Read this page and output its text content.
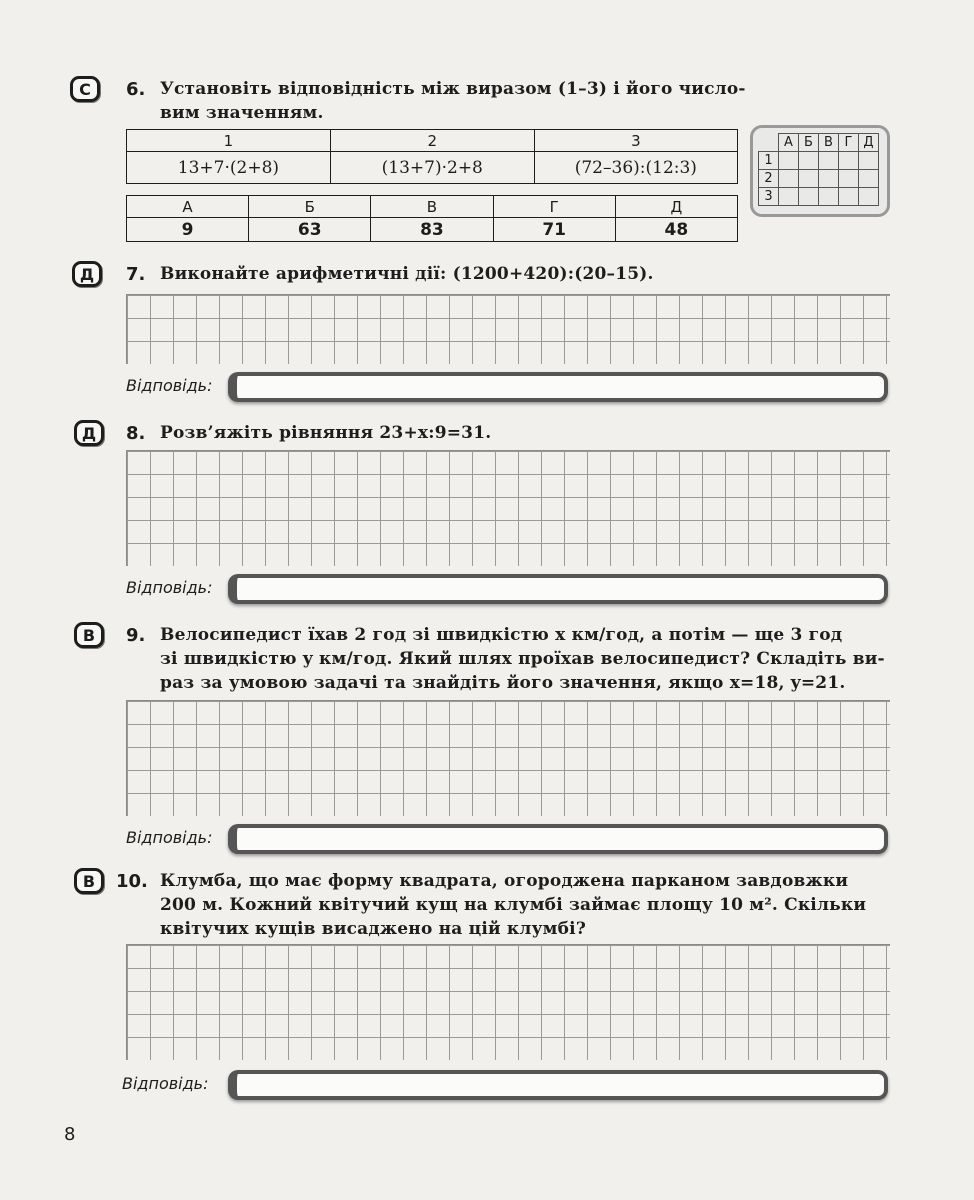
С	6. Установіть відповідність між виразом (1–3) і його число-
вим значенням.
1	2	3
13+7·(2+8)	(13+7)·2+8	(72–36):(12:3)
А	Б	В	Г	Д
9	63	83	71	48
	А	Б	В	Г	Д
1					
2					
3					
Д	7. Виконайте арифметичні дії: (1200+420):(20–15).
Відповідь:
Д	8. Розв’яжіть рівняння 23+x:9=31.
Відповідь:
В	9. Велосипедист їхав 2 год зі швидкістю x км/год, а потім — ще 3 год
зі швидкістю y км/год. Який шлях проїхав велосипедист? Складіть ви-
раз за умовою задачі та знайдіть його значення, якщо x=18, y=21.
Відповідь:
В	10. Клумба, що має форму квадрата, огороджена парканом завдовжки
200 м. Кожний квітучий кущ на клумбі займає площу 10 м². Скільки
квітучих кущів висаджено на цій клумбі?
Відповідь:
8
